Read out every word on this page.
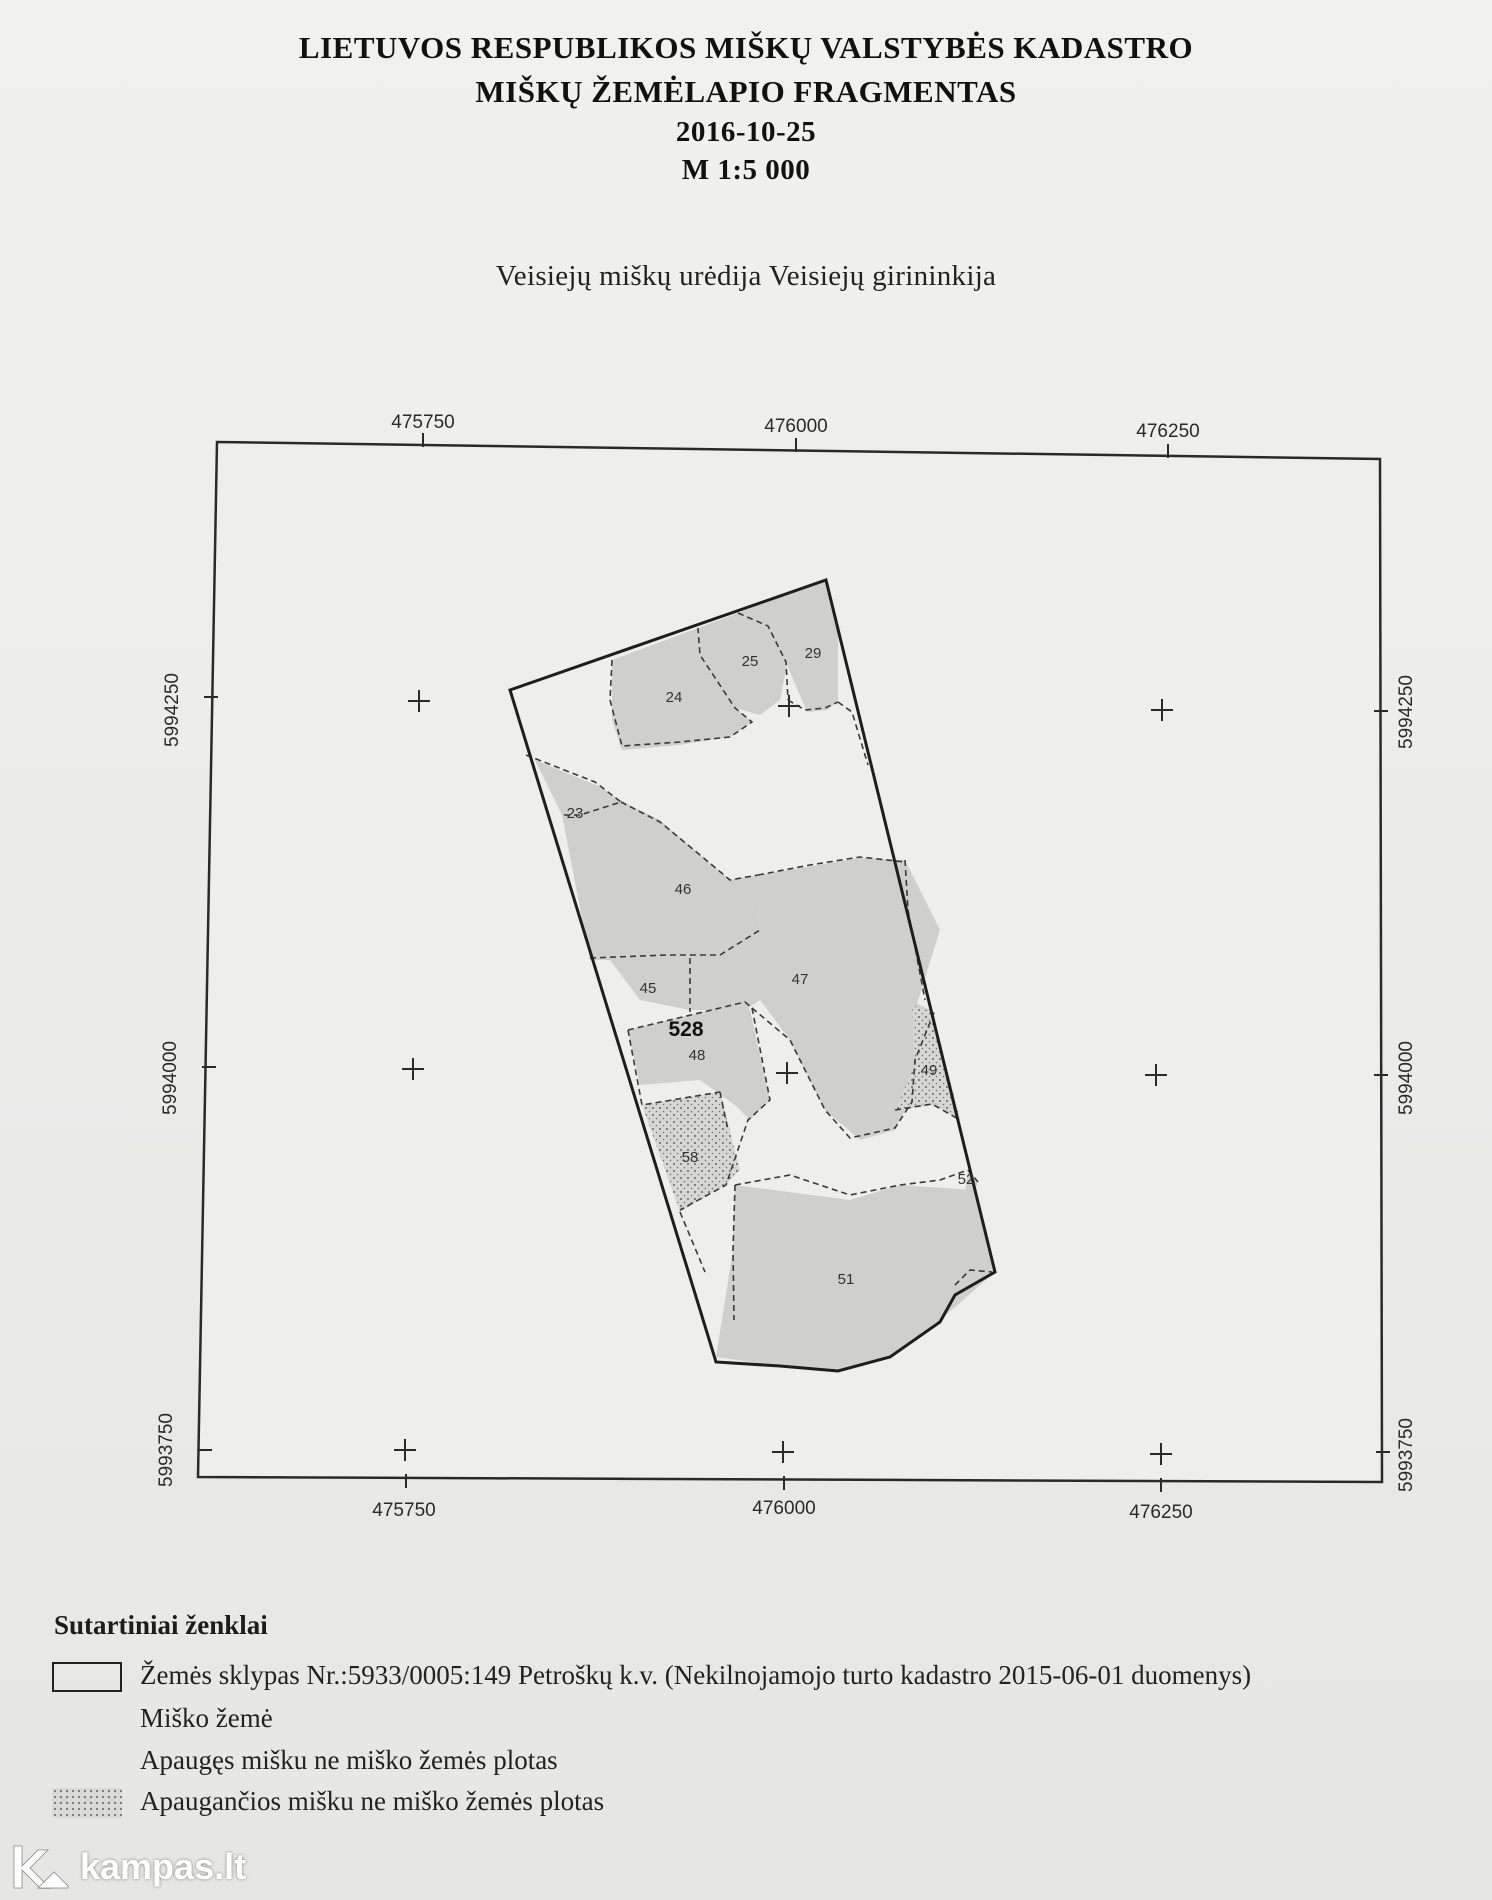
LIETUVOS RESPUBLIKOS MIŠKŲ VALSTYBĖS KADASTRO
MIŠKŲ ŽEMĖLAPIO FRAGMENTAS
2016-10-25
M 1:5 000
Veisiejų miškų urėdija Veisiejų girininkija
475750	476000	476250
475750	476000	476250
5994250
5994000
5993750
5994250
5994000
5993750
24
25	29
23
46
45
47
528
48
49
58
52
51
Sutartiniai ženklai
Žemės sklypas Nr.:5933/0005:149 Petroškų k.v. (Nekilnojamojo turto kadastro 2015-06-01 duomenys)
Miško žemė
Apaugęs mišku ne miško žemės plotas
Apaugančios mišku ne miško žemės plotas
kampas.lt
